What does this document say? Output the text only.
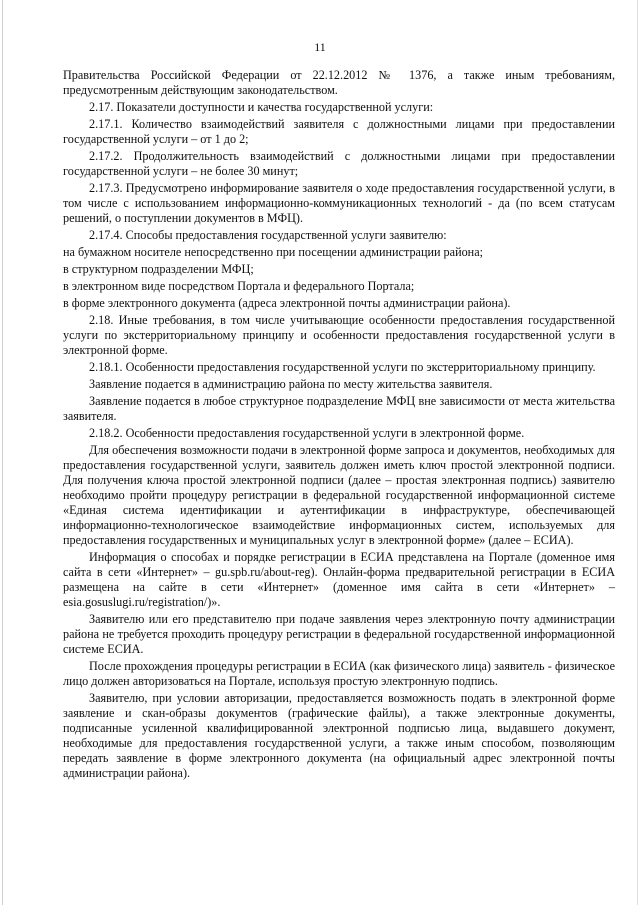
11

Правительства Российской Федерации от 22.12.2012 № 1376, а также иным требованиям, предусмотренным действующим законодательством.

2.17. Показатели доступности и качества государственной услуги:

2.17.1. Количество взаимодействий заявителя с должностными лицами при предоставлении государственной услуги – от 1 до 2;

2.17.2. Продолжительность взаимодействий с должностными лицами при предоставлении государственной услуги – не более 30 минут;

2.17.3. Предусмотрено информирование заявителя о ходе предоставления государственной услуги, в том числе с использованием информационно-коммуникационных технологий - да (по всем статусам решений, о поступлении документов в МФЦ).

2.17.4. Способы предоставления государственной услуги заявителю:

на бумажном носителе непосредственно при посещении администрации района;

в структурном подразделении МФЦ;

в электронном виде посредством Портала и федерального Портала;

в форме электронного документа (адреса электронной почты администрации района).

2.18. Иные требования, в том числе учитывающие особенности предоставления государственной услуги по экстерриториальному принципу и особенности предоставления государственной услуги в электронной форме.

2.18.1. Особенности предоставления государственной услуги по экстерриториальному принципу.

Заявление подается в администрацию района по месту жительства заявителя.

Заявление подается в любое структурное подразделение МФЦ вне зависимости от места жительства заявителя.

2.18.2. Особенности предоставления государственной услуги в электронной форме.

Для обеспечения возможности подачи в электронной форме запроса и документов, необходимых для предоставления государственной услуги, заявитель должен иметь ключ простой электронной подписи. Для получения ключа простой электронной подписи (далее – простая электронная подпись) заявителю необходимо пройти процедуру регистрации в федеральной государственной информационной системе «Единая система идентификации и аутентификации в инфраструктуре, обеспечивающей информационно-технологическое взаимодействие информационных систем, используемых для предоставления государственных и муниципальных услуг в электронной форме» (далее – ЕСИА).

Информация о способах и порядке регистрации в ЕСИА представлена на Портале (доменное имя сайта в сети «Интернет» – gu.spb.ru/about-reg). Онлайн-форма предварительной регистрации в ЕСИА размещена на сайте в сети «Интернет» (доменное имя сайта в сети «Интернет» – esia.gosuslugi.ru/registration/)».

Заявителю или его представителю при подаче заявления через электронную почту администрации района не требуется проходить процедуру регистрации в федеральной государственной информационной системе ЕСИА.

После прохождения процедуры регистрации в ЕСИА (как физического лица) заявитель - физическое лицо должен авторизоваться на Портале, используя простую электронную подпись.

Заявителю, при условии авторизации, предоставляется возможность подать в электронной форме заявление и скан-образы документов (графические файлы), а также электронные документы, подписанные усиленной квалифицированной электронной подписью лица, выдавшего документ, необходимые для предоставления государственной услуги, а также иным способом, позволяющим передать заявление в форме электронного документа (на официальный адрес электронной почты администрации района).
